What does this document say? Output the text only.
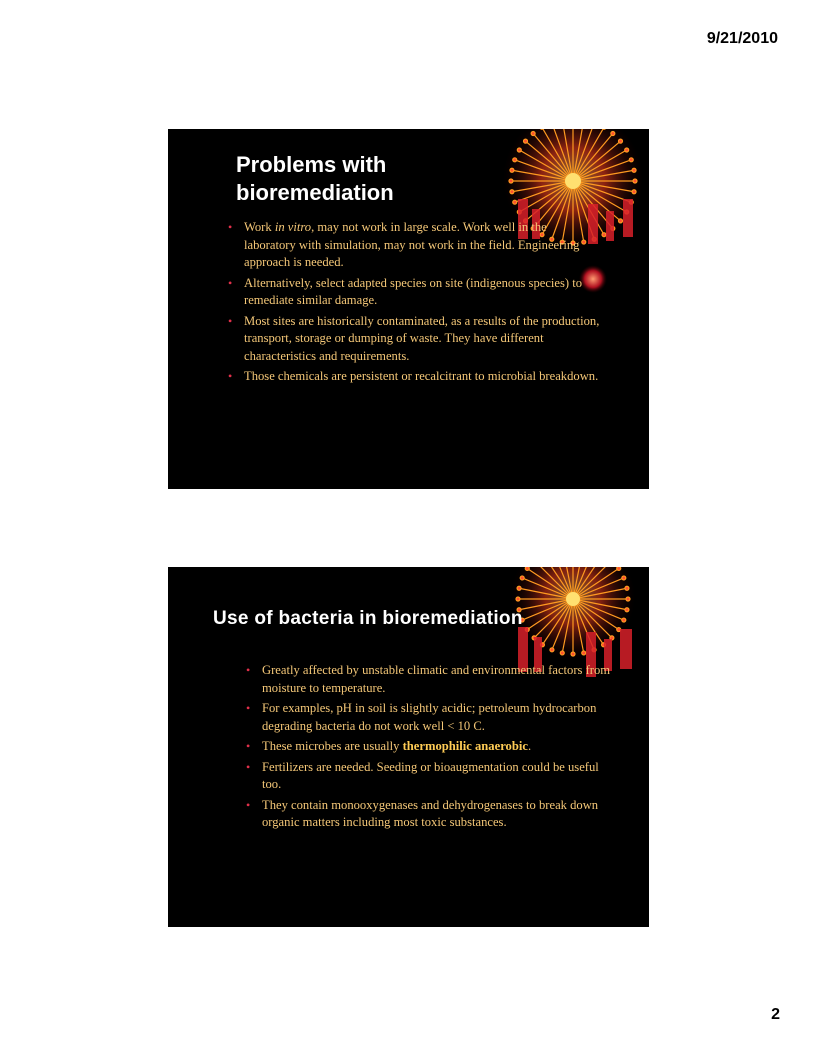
9/21/2010
Problems with bioremediation
• Work in vitro, may not work in large scale. Work well in the laboratory with simulation, may not work in the field. Engineering approach is needed.
• Alternatively, select adapted species on site (indigenous species) to remediate similar damage.
• Most sites are historically contaminated, as a results of the production, transport, storage or dumping of waste. They have different characteristics and requirements.
• Those chemicals are persistent or recalcitrant to microbial breakdown.
Use of bacteria in bioremediation
• Greatly affected by unstable climatic and environmental factors from moisture to temperature.
• For examples, pH in soil is slightly acidic; petroleum hydrocarbon degrading bacteria do not work well < 10 C.
• These microbes are usually thermophilic anaerobic.
• Fertilizers are needed. Seeding or bioaugmentation could be useful too.
• They contain monooxygenases and dehydrogenases to break down organic matters including most toxic substances.
2
